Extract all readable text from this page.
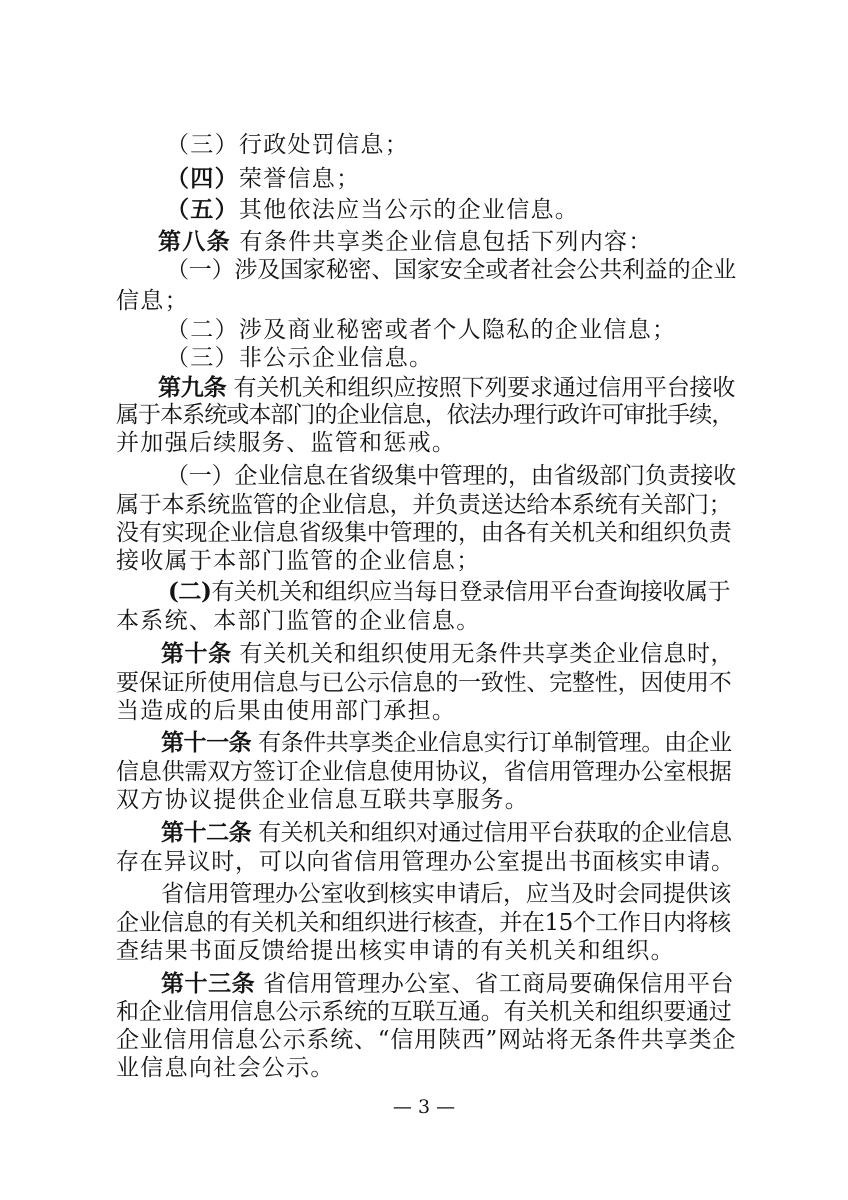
（三）行政处罚信息；
（四）荣誉信息；
（五）其他依法应当公示的企业信息。
第八条 有条件共享类企业信息包括下列内容：
（一）涉及国家秘密、国家安全或者社会公共利益的企业
信息；
（二）涉及商业秘密或者个人隐私的企业信息；
（三）非公示企业信息。
第九条 有关机关和组织应按照下列要求通过信用平台接收
属于本系统或本部门的企业信息，依法办理行政许可审批手续，
并加强后续服务、监管和惩戒。
（一）企业信息在省级集中管理的，由省级部门负责接收
属于本系统监管的企业信息，并负责送达给本系统有关部门；
没有实现企业信息省级集中管理的，由各有关机关和组织负责
接收属于本部门监管的企业信息；
(二)有关机关和组织应当每日登录信用平台查询接收属于
本系统、本部门监管的企业信息。
第十条 有关机关和组织使用无条件共享类企业信息时，
要保证所使用信息与已公示信息的一致性、完整性，因使用不
当造成的后果由使用部门承担。
第十一条 有条件共享类企业信息实行订单制管理。由企业
信息供需双方签订企业信息使用协议，省信用管理办公室根据
双方协议提供企业信息互联共享服务。
第十二条 有关机关和组织对通过信用平台获取的企业信息
存在异议时，可以向省信用管理办公室提出书面核实申请。
省信用管理办公室收到核实申请后，应当及时会同提供该
企业信息的有关机关和组织进行核查，并在15个工作日内将核
查结果书面反馈给提出核实申请的有关机关和组织。
第十三条 省信用管理办公室、省工商局要确保信用平台
和企业信用信息公示系统的互联互通。有关机关和组织要通过
企业信用信息公示系统、“信用陕西”网站将无条件共享类企
业信息向社会公示。
— 3 —
